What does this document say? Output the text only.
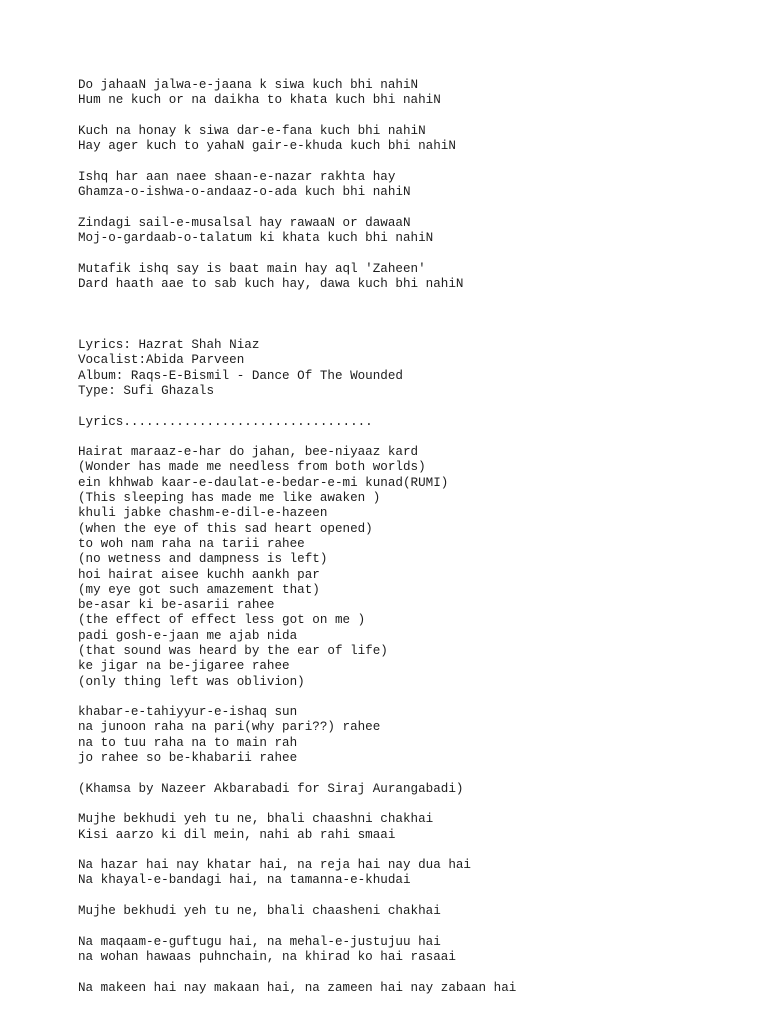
Do jahaaN jalwa-e-jaana k siwa kuch bhi nahiN
Hum ne kuch or na daikha to khata kuch bhi nahiN
Kuch na honay k siwa dar-e-fana kuch bhi nahiN
Hay ager kuch to yahaN gair-e-khuda kuch bhi nahiN
Ishq har aan naee shaan-e-nazar rakhta hay
Ghamza-o-ishwa-o-andaaz-o-ada kuch bhi nahiN
Zindagi sail-e-musalsal hay rawaaN or dawaaN
Moj-o-gardaab-o-talatum ki khata kuch bhi nahiN
Mutafik ishq say is baat main hay aql 'Zaheen'
Dard haath aae to sab kuch hay, dawa kuch bhi nahiN
Lyrics: Hazrat Shah Niaz
Vocalist:Abida Parveen
Album: Raqs-E-Bismil - Dance Of The Wounded
Type: Sufi Ghazals
Lyrics.................................
Hairat maraaz-e-har do jahan, bee-niyaaz kard
(Wonder has made me needless from both worlds)
ein khhwab kaar-e-daulat-e-bedar-e-mi kunad(RUMI)
(This sleeping has made me like awaken )
khuli jabke chashm-e-dil-e-hazeen
(when the eye of this sad heart opened)
to woh nam raha na tarii rahee
(no wetness and dampness is left)
hoi hairat aisee kuchh aankh par
(my eye got such amazement that)
be-asar ki be-asarii rahee
(the effect of effect less got on me )
padi gosh-e-jaan me ajab nida
(that sound was heard by the ear of life)
ke jigar na be-jigaree rahee
(only thing left was oblivion)
khabar-e-tahiyyur-e-ishaq sun
na junoon raha na pari(why pari??) rahee
na to tuu raha na to main rah
jo rahee so be-khabarii rahee
(Khamsa by Nazeer Akbarabadi for Siraj Aurangabadi)
Mujhe bekhudi yeh tu ne, bhali chaashni chakhai
Kisi aarzo ki dil mein, nahi ab rahi smaai
Na hazar hai nay khatar hai, na reja hai nay dua hai
Na khayal-e-bandagi hai, na tamanna-e-khudai
Mujhe bekhudi yeh tu ne, bhali chaasheni chakhai
Na maqaam-e-guftugu hai, na mehal-e-justujuu hai
na wohan hawaas puhnchain, na khirad ko hai rasaai
Na makeen hai nay makaan hai, na zameen hai nay zabaan hai
